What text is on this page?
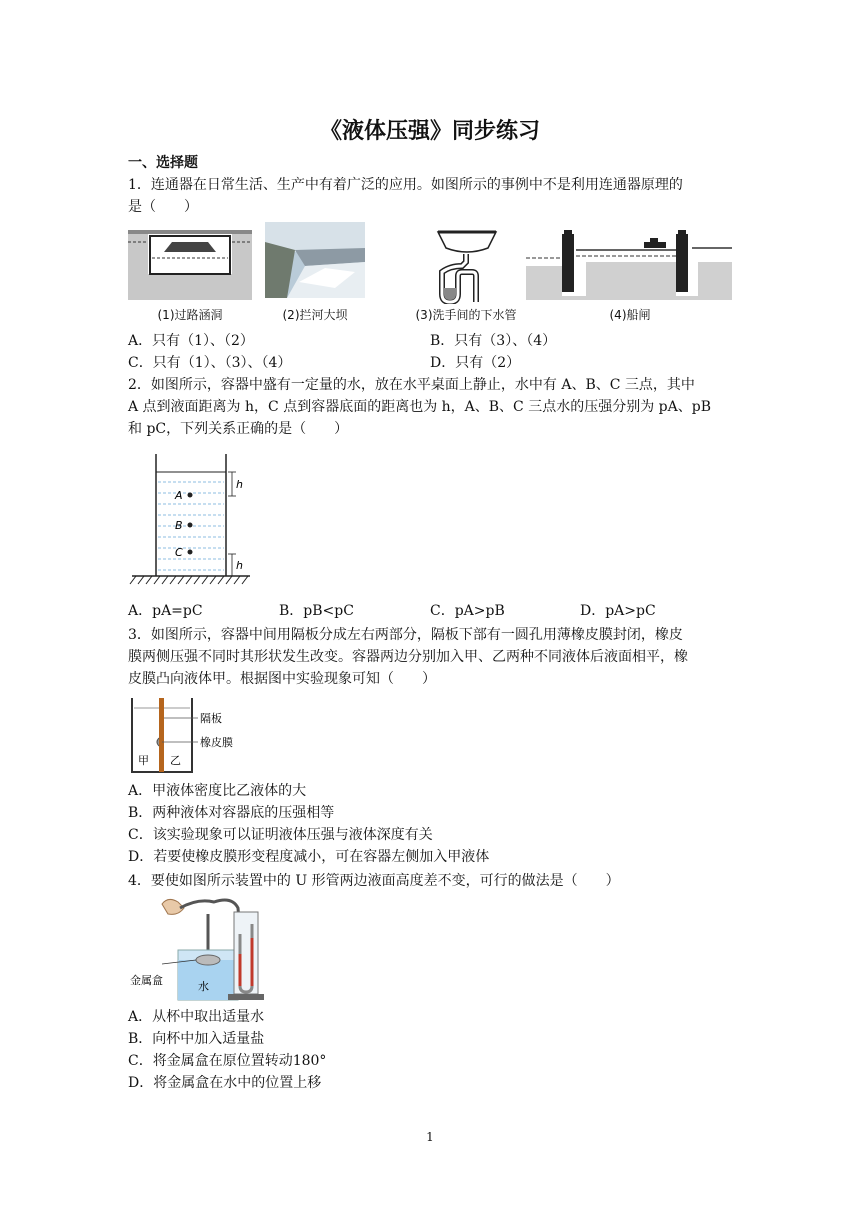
《液体压强》同步练习
一、选择题
1．连通器在日常生活、生产中有着广泛的应用。如图所示的事例中不是利用连通器原理的
是（　　）
(1)过路涵洞	(2)拦河大坝	(3)洗手间的下水管	(4)船闸
A．只有（1）、（2）	B．只有（3）、（4）
C．只有（1）、（3）、（4）	D．只有（2）
2．如图所示，容器中盛有一定量的水，放在水平桌面上静止，水中有 A、B、C 三点，其中
A 点到液面距离为 h，C 点到容器底面的距离也为 h，A、B、C 三点水的压强分别为 pA、pB
和 pC，下列关系正确的是（　　）
A
B
C
h
h
A．pA=pC	B．pB<pC	C．pA>pB	D．pA>pC
3．如图所示，容器中间用隔板分成左右两部分，隔板下部有一圆孔用薄橡皮膜封闭，橡皮
膜两侧压强不同时其形状发生改变。容器两边分别加入甲、乙两种不同液体后液面相平，橡
皮膜凸向液体甲。根据图中实验现象可知（　　）
隔板
橡皮膜
甲 乙
A．甲液体密度比乙液体的大
B．两种液体对容器底的压强相等
C．该实验现象可以证明液体压强与液体深度有关
D．若要使橡皮膜形变程度减小，可在容器左侧加入甲液体
4．要使如图所示装置中的 U 形管两边液面高度差不变，可行的做法是（　　）
水
金属盒
A．从杯中取出适量水
B．向杯中加入适量盐
C．将金属盒在原位置转动180°
D．将金属盒在水中的位置上移
1
